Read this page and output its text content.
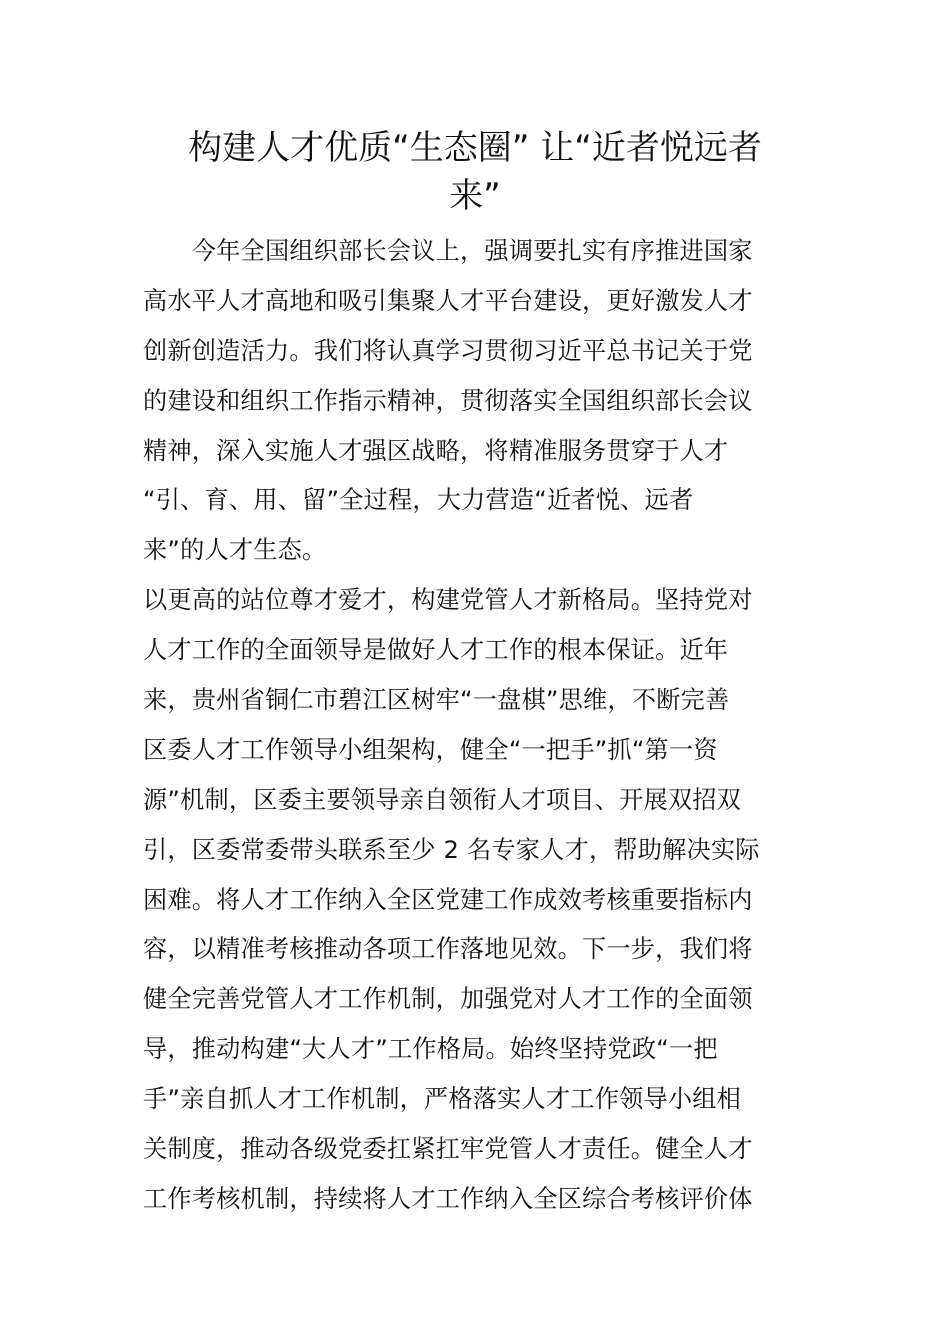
构建人才优质“生态圈” 让“近者悦远者
来”
　　今年全国组织部长会议上，强调要扎实有序推进国家
高水平人才高地和吸引集聚人才平台建设，更好激发人才
创新创造活力。我们将认真学习贯彻习近平总书记关于党
的建设和组织工作指示精神，贯彻落实全国组织部长会议
精神，深入实施人才强区战略，将精准服务贯穿于人才
“引、育、用、留”全过程，大力营造“近者悦、远者
来”的人才生态。
以更高的站位尊才爱才，构建党管人才新格局。坚持党对
人才工作的全面领导是做好人才工作的根本保证。近年
来，贵州省铜仁市碧江区树牢“一盘棋”思维，不断完善
区委人才工作领导小组架构，健全“一把手”抓“第一资
源”机制，区委主要领导亲自领衔人才项目、开展双招双
引，区委常委带头联系至少 2 名专家人才，帮助解决实际
困难。将人才工作纳入全区党建工作成效考核重要指标内
容，以精准考核推动各项工作落地见效。下一步，我们将
健全完善党管人才工作机制，加强党对人才工作的全面领
导，推动构建“大人才”工作格局。始终坚持党政“一把
手”亲自抓人才工作机制，严格落实人才工作领导小组相
关制度，推动各级党委扛紧扛牢党管人才责任。健全人才
工作考核机制，持续将人才工作纳入全区综合考核评价体
